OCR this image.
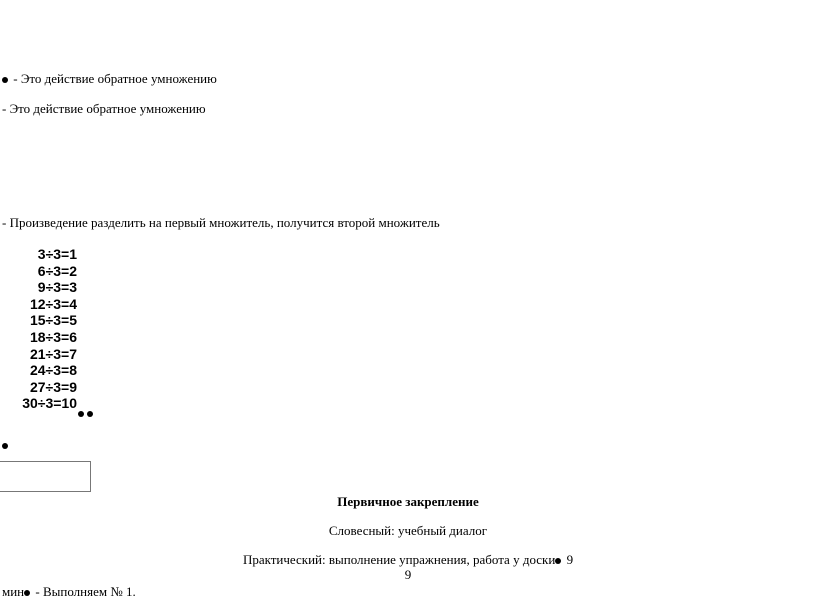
- Это действие обратное умножению
- Это действие обратное умножению
- Произведение разделить на первый множитель, получится второй множитель
3÷3=1
6÷3=2
9÷3=3
12÷3=4
15÷3=5
18÷3=6
21÷3=7
24÷3=8
27÷3=9
30÷3=10
Первичное закрепление
Словесный: учебный диалог
Практический: выполнение упражнения, работа у доски 9
9
мин - Выполняем № 1.
